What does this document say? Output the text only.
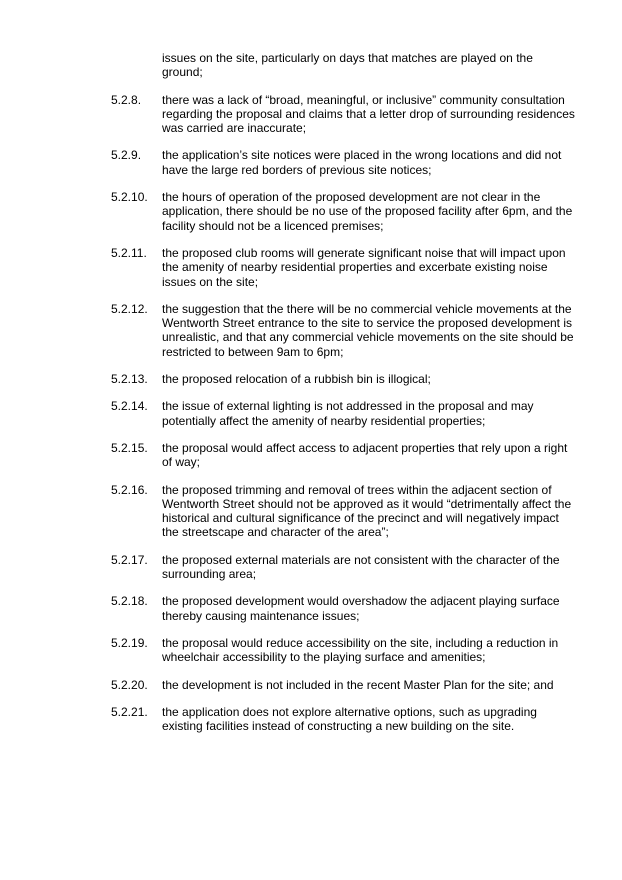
issues on the site, particularly on days that matches are played on the ground;
5.2.8.	there was a lack of “broad, meaningful, or inclusive” community consultation regarding the proposal and claims that a letter drop of surrounding residences was carried are inaccurate;
5.2.9.	the application’s site notices were placed in the wrong locations and did not have the large red borders of previous site notices;
5.2.10.	the hours of operation of the proposed development are not clear in the application, there should be no use of the proposed facility after 6pm, and the facility should not be a licenced premises;
5.2.11.	the proposed club rooms will generate significant noise that will impact upon the amenity of nearby residential properties and excerbate existing noise issues on the site;
5.2.12.	the suggestion that the there will be no commercial vehicle movements at the Wentworth Street entrance to the site to service the proposed development is unrealistic, and that any commercial vehicle movements on the site should be restricted to between 9am to 6pm;
5.2.13.	the proposed relocation of a rubbish bin is illogical;
5.2.14.	the issue of external lighting is not addressed in the proposal and may potentially affect the amenity of nearby residential properties;
5.2.15.	the proposal would affect access to adjacent properties that rely upon a right of way;
5.2.16.	the proposed trimming and removal of trees within the adjacent section of Wentworth Street should not be approved as it would “detrimentally affect the historical and cultural significance of the precinct and will negatively impact the streetscape and character of the area”;
5.2.17.	the proposed external materials are not consistent with the character of the surrounding area;
5.2.18.	the proposed development would overshadow the adjacent playing surface thereby causing maintenance issues;
5.2.19.	the proposal would reduce accessibility on the site, including a reduction in wheelchair accessibility to the playing surface and amenities;
5.2.20.	the development is not included in the recent Master Plan for the site; and
5.2.21.	the application does not explore alternative options, such as upgrading existing facilities instead of constructing a new building on the site.
